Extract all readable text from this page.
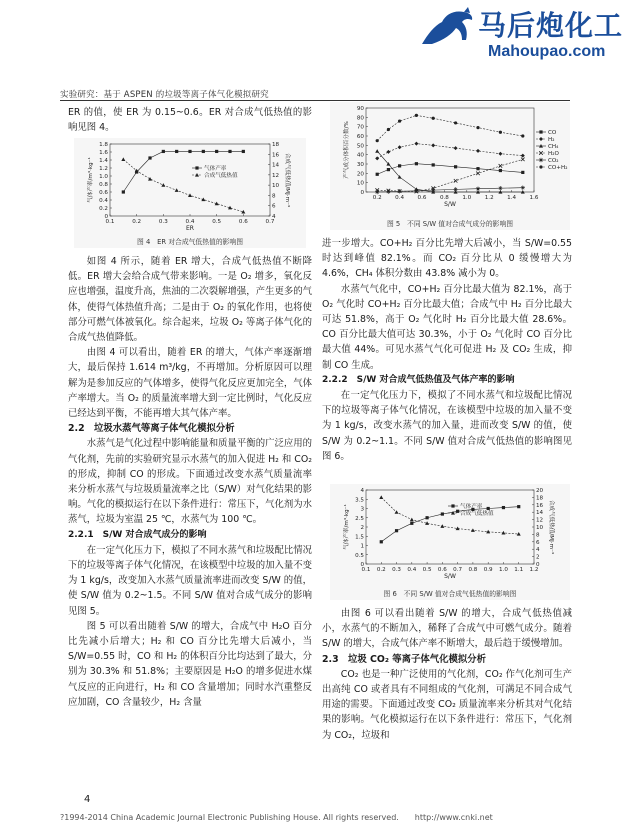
马后炮化工
Mahoupao.com
实验研究：基于 ASPEN 的垃圾等离子体气化模拟研究

ER 的值，使 ER 为 0.15~0.6。ER 对合成气低热值的影响见图 4。

0.1	0.2	0.3	0.4	0.5	0.6	0.7
0
0.2
0.4
0.6
0.8
1.0
1.2
1.4
1.6
1.8
4
6
8
10
12
14
16
18
ER
气体产率/m³·kg⁻¹	合成气低热值/MJ·m⁻³
气体产率
合成气低热值
图 4　ER 对合成气低热值的影响图

如图 4 所示，随着 ER 增大，合成气低热值不断降低。ER 增大会给合成气带来影响。一是 O₂ 增多，氧化反应也增强，温度升高，焦油的二次裂解增强，产生更多的气体，使得气体热值升高；二是由于 O₂ 的氧化作用，也将使部分可燃气体被氧化。综合起来，垃圾 O₂ 等离子体气化的合成气热值降低。

由图 4 可以看出，随着 ER 的增大，气体产率逐渐增大，最后保持 1.614 m³/kg，不再增加。分析原因可以理解为是参加反应的气体增多，使得气化反应更加完全，气体产率增大。当 O₂ 的质量流率增大到一定比例时，气化反应已经达到平衡，不能再增大其气体产率。

2.2　垃圾水蒸气等离子体气化模拟分析

水蒸气是气化过程中影响能量和质量平衡的广泛应用的气化剂，先前的实验研究显示水蒸气的加入促进 H₂ 和 CO₂ 的形成，抑制 CO 的形成。下面通过改变水蒸气质量流率来分析水蒸气与垃圾质量流率之比（S/W）对气化结果的影响。气化的模拟运行在以下条件进行：常压下，气化剂为水蒸气，垃圾为室温 25 ℃，水蒸气为 100 ℃。

2.2.1　S/W 对合成气成分的影响

在一定气化压力下，模拟了不同水蒸气和垃圾配比情况下的垃圾等离子体气化情况，在该模型中垃圾的加入量不变为 1 kg/s，改变加入水蒸气质量流率进而改变 S/W 的值，使 S/W 值为 0.2~1.5。不同 S/W 值对合成气成分的影响见图 5。

图 5 可以看出随着 S/W 的增大，合成气中 H₂O 百分比先减小后增大；H₂ 和 CO 百分比先增大后减小，当 S/W=0.55 时，CO 和 H₂ 的体积百分比均达到了最大，分别为 30.3% 和 51.8%；主要原因是 H₂O 的增多促进水煤气反应的正向进行，H₂ 和 CO 含量增加；同时水汽重整反应加剧，CO 含量较少，H₂ 含量

0.2 0.4 0.6 0.8 1.0 1.2 1.4 1.6
0
10
20
30
40
50
60
70
80
90
S/W
产气成分体积百分数/%	CO
H₂
CH₄
H₂O
CO₂
CO+H₂
图 5　不同 S/W 值对合成气成分的影响图

进一步增大。CO+H₂ 百分比先增大后减小，当 S/W=0.55 时达到峰值 82.1%。而 CO₂ 百分比从 0 缓慢增大为 4.6%，CH₄ 体积分数由 43.8% 减小为 0。

水蒸气气化中，CO+H₂ 百分比最大值为 82.1%，高于 O₂ 气化时 CO+H₂ 百分比最大值；合成气中 H₂ 百分比最大可达 51.8%，高于 O₂ 气化时 H₂ 百分比最大值 28.6%。CO 百分比最大值可达 30.3%，小于 O₂ 气化时 CO 百分比最大值 44%。可见水蒸气气化可促进 H₂ 及 CO₂ 生成，抑制 CO 生成。

2.2.2　S/W 对合成气低热值及气体产率的影响

在一定气化压力下，模拟了不同水蒸气和垃圾配比情况下的垃圾等离子体气化情况，在该模型中垃圾的加入量不变为 1 kg/s，改变水蒸气的加入量，进而改变 S/W 的值，使 S/W 为 0.2~1.1。不同 S/W 值对合成气低热值的影响图见图 6。

0.1 0.2 0.3 0.4 0.5 0.6 0.7 0.8 0.9 1.0 1.1 1.2
0
0.5
1
1.5
2
2.5
3
3.5
4
0
2
4
6
8
10
12
14
16
18
20
S/W
气体产率/m³·kg⁻¹	合成气低热值/MJ·m⁻³
气体产率
合成气低热值
图 6　不同 S/W 值对合成气低热值的影响图

由图 6 可以看出随着 S/W 的增大，合成气低热值减小，水蒸气的不断加入，稀释了合成气中可燃气成分。随着 S/W 的增大，合成气体产率不断增大，最后趋于缓慢增加。

2.3　垃圾 CO₂ 等离子体气化模拟分析

CO₂ 也是一种广泛使用的气化剂，CO₂ 作气化剂可生产出高纯 CO 或者具有不同组成的气化剂，可满足不同合成气用途的需要。下面通过改变 CO₂ 质量流率来分析其对气化结果的影响。气化模拟运行在以下条件进行：常压下，气化剂为 CO₂，垃圾和

4
?1994-2014 China Academic Journal Electronic Publishing House. All rights reserved.　　http://www.cnki.net
